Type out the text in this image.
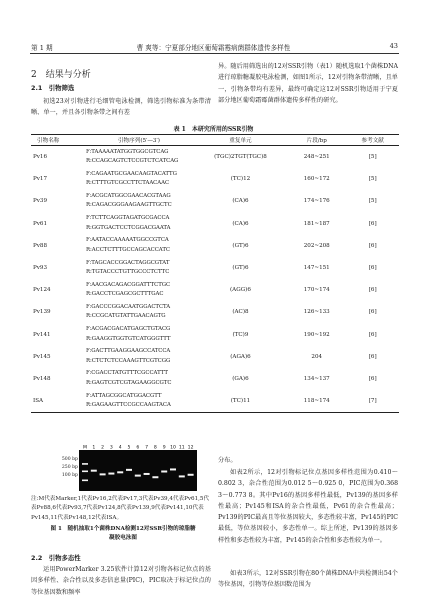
第 1 期	曹 爽等：宁夏部分地区葡萄霜霉病菌群体遗传多样性	43
2　结果与分析
2.1　引物筛选
初选23对引物进行毛细管电泳检测，筛选引物标准为条带清晰、单一，并且各引物条带之间有差
异。随后用筛选出的12对SSR引物（表1）随机选取1个菌株DNA进行琼脂糖凝胶电泳检测，如图1所示，12对引物条带清晰，且单一，引物条带均有差异，最终可确定这12对SSR引物适用于宁夏部分地区葡萄霜霉菌群体遗传多样性的研究。
表 1　本研究所用的SSR引物
引物名称	引物序列(5′—3′)	重复单元	片段/bp	参考文献
Pv16	F:TAAAAATATGGTGGCGTCAG
R:CCAGCAGTCTCCGTCTCATCAG	(TGC)2TGT(TGC)8	248~251	[5]
Pv17	F:CAGAATGCGAACAAGTACATTG
R:CTTTGTCGCCTTCTAACAAC	(TC)12	160~172	[5]
Pv39	F:ACGCATGGCGAACACGTAAG
R:CAGACGGGAAGAAGTTGCTC	(CA)6	174~176	[5]
Pv61	F:TCTTCAGGTAGATGCGACCA
R:GGTGACTCCTCGGACGAATA	(CA)6	181~187	[6]
Pv88	F:AATACCAAAAATGGCCGTCA
R:ACCTCTTTGCCAGCACCATC	(GT)6	202~208	[6]
Pv93	F:TAGCACCGGACTAGGCGTAT
R:TGTACCCTGTTGCCCTCTTC	(GT)6	147~151	[6]
Pv124	F:AACGACAGACGGATTTCTGC
R:GACCTCGAGCGCTTTGAC	(AGG)6	170~174	[6]
Pv139	F:GACCCGGACAATGGACTCTA
R:CCGCATGTATTGAACAGTG	(AC)8	126~133	[6]
Pv141	F:ACGACGACATGAGCTGTACG
R:GAAGGTGGTGTCATGGGTTT	(TC)9	190~192	[6]
Pv145	F:GACTTGAAGGAAGCCATCCA
R:CTCTCTCCAAAGTTCGTCGG	(AGA)6	204	[6]
Pv148	F:CGACCTATGTTTCGCCATTT
R:GAGTCGTCGTAGAAGGCGTC	(GA)6	134~137	[6]
ISA	F:ATTAGCGGCATGGACGTT
R:GAGAAGTTCCGCCAAGTACA	(TC)11	118~174	[7]
500 bp
250 bp
100 bp
M 1 2 3 4 5 6 7 8 9 10 11 12
注:M代表Marker,1代表Pv16,2代表Pv17,3代表Pv39,4代表Pv61,5代表Pv88,6代表Pv93,7代表Pv124,8代表Pv139,9代表Pv141,10代表Pv145,11代表Pv148,12代表ISA。
图 1　随机抽取1个菌株DNA检测12对SSR引物的琼脂糖凝胶电泳图
2.2　引物多态性
运用PowerMarker 3.25软件计算12对引物各标记位点的基因多样性、杂合性以及多态信息量(PIC)，PIC取决于标记位点的等位基因数和频率
分布。
如表2所示，12对引物标记位点基因多样性范围为0.410～0.802 3，杂合性范围为0.012 5～0.925 0，PIC范围为0.368 3～0.773 8。其中Pv16的基因多样性最低，Pv139的基因多样性最高；Pv145和ISA的杂合性最低，Pv61的杂合性最高；Pv139的PIC最高且等位基因较大，多态性较丰富，Pv145的PIC最低，等位基因较小，多态性单一。综上所述，Pv139的基因多样性和多态性较为丰富，Pv145的杂合性和多态性较为单一。
如表3所示，12对SSR引物在80个菌株DNA中共检测出54个等位基因，引物等位基因数范围为
